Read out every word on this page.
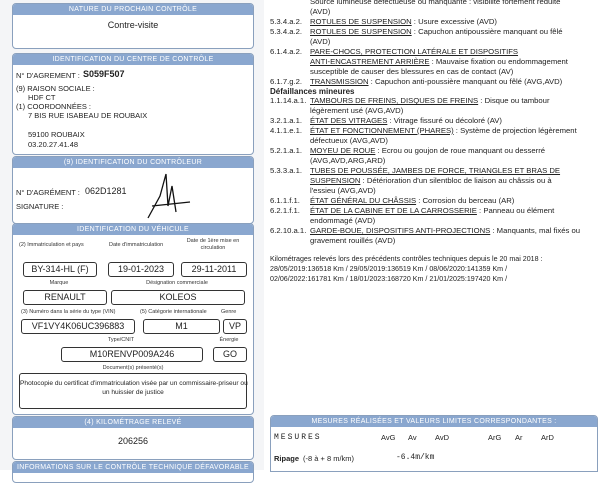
NATURE DU PROCHAIN CONTRÔLE
Contre-visite
IDENTIFICATION DU CENTRE DE CONTRÔLE
N° D'AGREMENT : S059F507
(9) RAISON SOCIALE :
HDF CT
(1) COORDONNÉES :
7 BIS RUE ISABEAU DE ROUBAIX
59100 ROUBAIX
03.20.27.41.48
(9) IDENTIFICATION DU CONTRÔLEUR
N° D'AGRÉMENT : 062D1281
SIGNATURE :
IDENTIFICATION DU VÉHICULE
(2) Immatriculation et pays	Date d'immatriculation
Date de 1ère mise en circulation
BY-314-HL (F)	19-01-2023	29-11-2011
Marque	Désignation commerciale
RENAULT	KOLEOS
(3) Numéro dans la série du type (VIN)	(5) Catégorie internationale	Genre
VF1VY4K06UC396883	M1	VP
Type/CNIT	Énergie
M10RENVP009A246	GO
Document(s) présenté(s)
Photocopie du certificat d'immatriculation visée par un commissaire-priseur ou
un huissier de justice
(4) KILOMÉTRAGE RELEVÉ
206256
INFORMATIONS SUR LE CONTRÔLE TECHNIQUE DÉFAVORABLE
Source lumineuse défectueuse ou manquante : visibilité fortement réduite
(AVD)
5.3.4.a.2. ROTULES DE SUSPENSION : Usure excessive (AVD)
5.3.4.a.2. ROTULES DE SUSPENSION : Capuchon antipoussière manquant ou fêlé
(AVD)
6.1.4.a.2. PARE-CHOCS, PROTECTION LATÉRALE ET DISPOSITIFS
ANTI-ENCASTREMENT ARRIÈRE : Mauvaise fixation ou endommagement
susceptible de causer des blessures en cas de contact (AV)
6.1.7.g.2. TRANSMISSION : Capuchon anti-poussière manquant ou fêlé (AVG,AVD)
1.1.14.a.1. TAMBOURS DE FREINS, DISQUES DE FREINS : Disque ou tambour
légèrement usé (AVG,AVD)
3.2.1.a.1. ÉTAT DES VITRAGES : Vitrage fissuré ou décoloré (AV)
4.1.1.e.1. ÉTAT ET FONCTIONNEMENT (PHARES) : Système de projection légèrement
défectueux (AVG,AVD)
5.2.1.a.1. MOYEU DE ROUE : Ecrou ou goujon de roue manquant ou desserré
(AVG,AVD,ARG,ARD)
5.3.3.a.1. TUBES DE POUSSÉE, JAMBES DE FORCE, TRIANGLES ET BRAS DE
SUSPENSION : Détérioration d'un silentbloc de liaison au châssis ou à
l'essieu (AVG,AVD)
6.1.1.f.1. ÉTAT GÉNÉRAL DU CHÂSSIS : Corrosion du berceau (AR)
6.2.1.f.1. ÉTAT DE LA CABINE ET DE LA CARROSSERIE : Panneau ou élément
endommagé (AVD)
6.2.10.a.1. GARDE-BOUE, DISPOSITIFS ANTI-PROJECTIONS : Manquants, mal fixés ou
gravement rouillés (AVD)
Défaillances mineures
Kilométrages relevés lors des précédents contrôles techniques depuis le 20 mai 2018 :
28/05/2019:136518 Km / 29/05/2019:136519 Km / 08/06/2020:141359 Km /
02/06/2022:161781 Km / 18/01/2023:168720 Km / 21/01/2025:197420 Km /
MESURES RÉALISÉES ET VALEURS LIMITES CORRESPONDANTES :
MESURES	AvG Av AvD	ArG Ar ArD
Ripage (-8 à + 8 m/km)	-6.4m/km
